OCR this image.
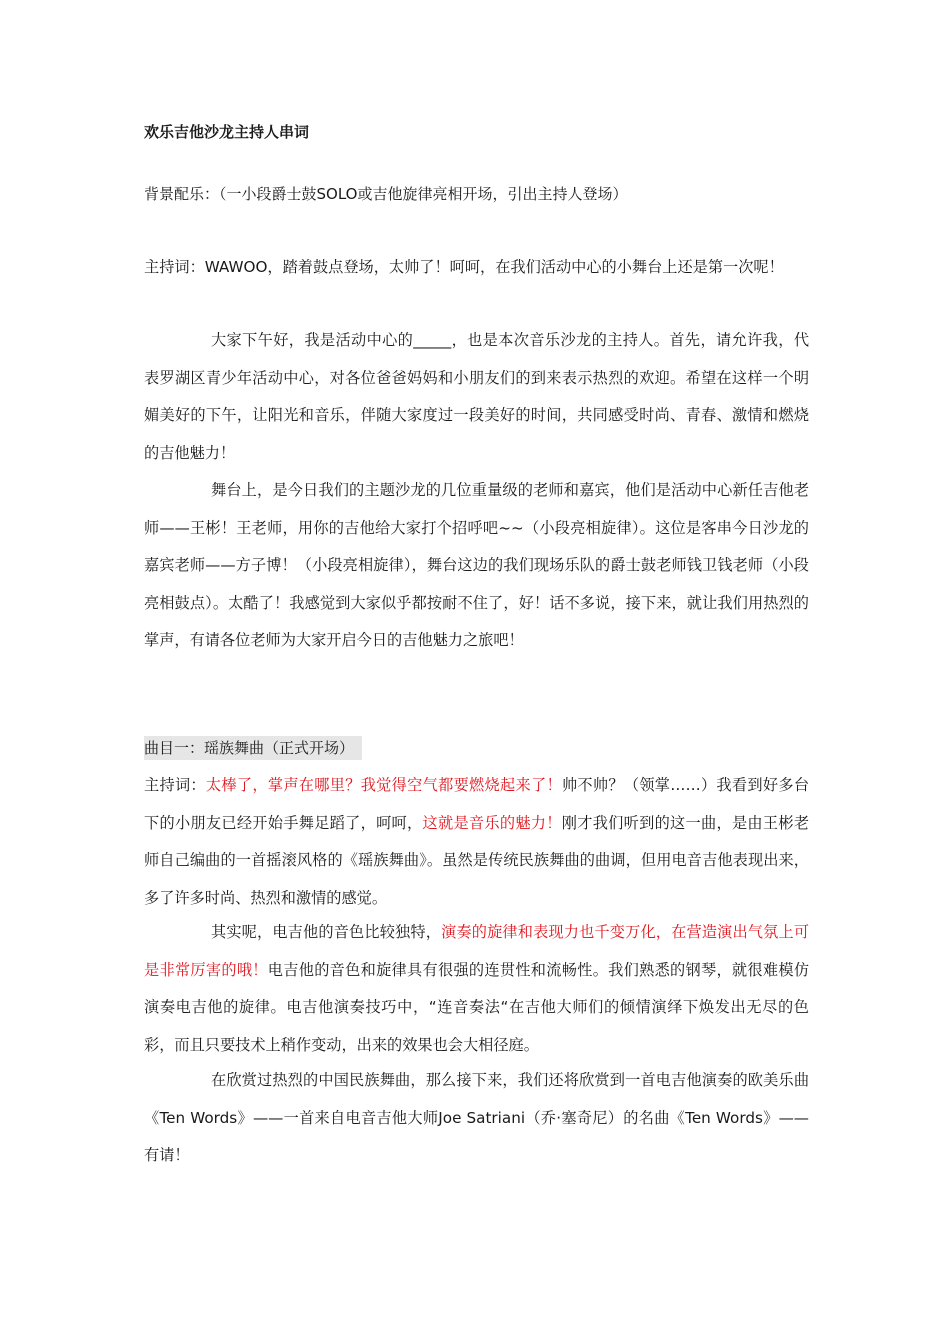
欢乐吉他沙龙主持人串词

背景配乐：（一小段爵士鼓SOLO或吉他旋律亮相开场，引出主持人登场）

主持词：WAWOO，踏着鼓点登场，太帅了！呵呵，在我们活动中心的小舞台上还是第一次呢！

大家下午好，我是活动中心的_____，也是本次音乐沙龙的主持人。首先，请允许我，代表罗湖区青少年活动中心，对各位爸爸妈妈和小朋友们的到来表示热烈的欢迎。希望在这样一个明媚美好的下午，让阳光和音乐，伴随大家度过一段美好的时间，共同感受时尚、青春、激情和燃烧的吉他魅力！

舞台上，是今日我们的主题沙龙的几位重量级的老师和嘉宾，他们是活动中心新任吉他老师——王彬！王老师，用你的吉他给大家打个招呼吧~~（小段亮相旋律）。这位是客串今日沙龙的嘉宾老师——方子博！（小段亮相旋律），舞台这边的我们现场乐队的爵士鼓老师钱卫钱老师（小段亮相鼓点）。太酷了！我感觉到大家似乎都按耐不住了，好！话不多说，接下来，就让我们用热烈的掌声，有请各位老师为大家开启今日的吉他魅力之旅吧！

曲目一：瑶族舞曲（正式开场）

主持词：太棒了，掌声在哪里？我觉得空气都要燃烧起来了！帅不帅？（领掌……）我看到好多台下的小朋友已经开始手舞足蹈了，呵呵，这就是音乐的魅力！刚才我们听到的这一曲，是由王彬老师自己编曲的一首摇滚风格的《瑶族舞曲》。虽然是传统民族舞曲的曲调，但用电音吉他表现出来，多了许多时尚、热烈和激情的感觉。

其实呢，电吉他的音色比较独特，演奏的旋律和表现力也千变万化，在营造演出气氛上可是非常厉害的哦！电吉他的音色和旋律具有很强的连贯性和流畅性。我们熟悉的钢琴，就很难模仿演奏电吉他的旋律。电吉他演奏技巧中，“连音奏法“在吉他大师们的倾情演绎下焕发出无尽的色彩，而且只要技术上稍作变动，出来的效果也会大相径庭。

在欣赏过热烈的中国民族舞曲，那么接下来，我们还将欣赏到一首电吉他演奏的欧美乐曲《Ten Words》——一首来自电音吉他大师Joe Satriani（乔·塞奇尼）的名曲《Ten Words》——有请！
